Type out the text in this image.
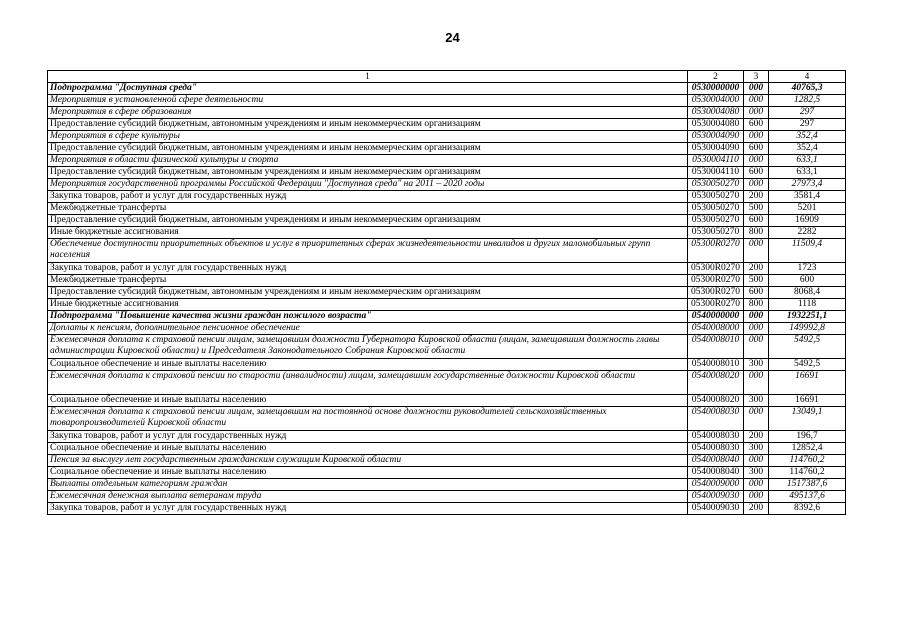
24
1	2	3	4
Подпрограмма "Доступная среда"	0530000000	000	40765,3
Мероприятия в установленной сфере деятельности	0530004000	000	1282,5
Мероприятия в сфере образования	0530004080	000	297
Предоставление субсидий бюджетным, автономным учреждениям и иным некоммерческим организациям	0530004080	600	297
Мероприятия в сфере культуры	0530004090	000	352,4
Предоставление субсидий бюджетным, автономным учреждениям и иным некоммерческим организациям	0530004090	600	352,4
Мероприятия в области физической культуры и спорта	0530004110	000	633,1
Предоставление субсидий бюджетным, автономным учреждениям и иным некоммерческим организациям	0530004110	600	633,1
Мероприятия государственной программы Российской Федерации "Доступная среда" на 2011 – 2020 годы	0530050270	000	27973,4
Закупка товаров, работ и услуг для государственных нужд	0530050270	200	3581,4
Межбюджетные трансферты	0530050270	500	5201
Предоставление субсидий бюджетным, автономным учреждениям и иным некоммерческим организациям	0530050270	600	16909
Иные бюджетные ассигнования	0530050270	800	2282
Обеспечение доступности приоритетных объектов и услуг в приоритетных сферах жизнедеятельности инвалидов и других маломобильных групп населения	05300R0270	000	11509,4
Закупка товаров, работ и услуг для государственных нужд	05300R0270	200	1723
Межбюджетные трансферты	05300R0270	500	600
Предоставление субсидий бюджетным, автономным учреждениям и иным некоммерческим организациям	05300R0270	600	8068,4
Иные бюджетные ассигнования	05300R0270	800	1118
Подпрограмма "Повышение качества жизни граждан пожилого возраста"	0540000000	000	1932251,1
Доплаты к пенсиям, дополнительное пенсионное обеспечение	0540008000	000	149992,8
Ежемесячная доплата к страховой пенсии лицам, замещавшим должности Губернатора Кировской области (лицам, замещавшим должность главы администрации Кировской области) и Председателя Законодательного Собрания Кировской области	0540008010	000	5492,5
Социальное обеспечение и иные выплаты населению	0540008010	300	5492,5
Ежемесячная доплата к страховой пенсии по старости (инвалидности) лицам, замещавшим государственные должности Кировской области	0540008020	000	16691
Социальное обеспечение и иные выплаты населению	0540008020	300	16691
Ежемесячная доплата к страховой пенсии лицам, замещавшим на постоянной основе должности руководителей сельскохозяйственных товаропроизводителей Кировской области	0540008030	000	13049,1
Закупка товаров, работ и услуг для государственных нужд	0540008030	200	196,7
Социальное обеспечение и иные выплаты населению	0540008030	300	12852,4
Пенсия за выслугу лет государственным гражданским служащим Кировской области	0540008040	000	114760,2
Социальное обеспечение и иные выплаты населению	0540008040	300	114760,2
Выплаты отдельным категориям граждан	0540009000	000	1517387,6
Ежемесячная денежная выплата ветеранам труда	0540009030	000	495137,6
Закупка товаров, работ и услуг для государственных нужд	0540009030	200	8392,6
